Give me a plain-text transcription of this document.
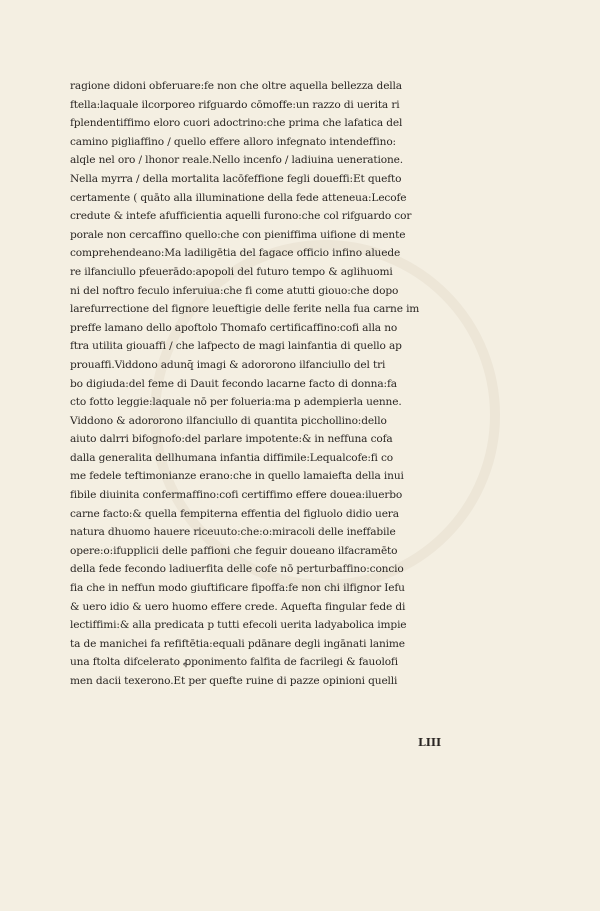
ragione didoni obferuare:fe non che oltre aquella bellezza della
ftella:laquale ilcorporeo rifguardo cōmoffe:un razzo di uerita ri
fplendentiffimo eloro cuori adoctrino:che prima che lafatica del
camino pigliaffino / quello effere alloro infegnato intendeffino:
alqle nel oro / lhonor reale.Nello incenfo / ladiuina ueneratione.
Nella myrra / della mortalita lacōfeffione fegli doueffi:Et quefto
certamente ( quāto alla illuminatione della fede atteneua:Lecofe
credute & intefe afufficientia aquelli furono:che col rifguardo cor
porale non cercaffino quello:che con pieniffima uifione di mente
comprehendeano:Ma ladiligētia del fagace officio infino aluede
re ilfanciullo pfeuerādo:apopoli del futuro tempo & aglihuomi
ni del noftro feculo inferuiua:che fi come atutti giouo:che dopo
larefurrectione del fignore leueftigie delle ferite nella fua carne im
preffe lamano dello apoftolo Thomafo certificaffino:cofi alla no
ftra utilita giouaffi / che lafpecto de magi lainfantia di quello ap
prouaffi.Viddono adunq̄ imagi & adororono ilfanciullo del tri
bo digiuda:del feme di Dauit fecondo lacarne facto di donna:fa
cto fotto leggie:laquale nō per folueria:ma p adempierla uenne.
Viddono & adororono ilfanciullo di quantita picchollino:dello
aiuto dalrri bifognofo:del parlare impotente:& in neffuna cofa
dalla generalita dellhumana infantia diffimile:Lequalcofe:fi co
me fedele teftimonianze erano:che in quello lamaiefta della inui
fibile diuinita confermaffino:cofi certiffimo effere douea:iluerbo
carne facto:& quella fempiterna effentia del figluolo didio uera
natura dhuomo hauere riceuuto:che:o:miracoli delle ineffabile
opere:o:ifupplicii delle paffioni che feguir doueano ilfacramēto
della fede fecondo ladiuerfita delle cofe nō perturbaffino:concio
fia che in neffun modo giuftificare fipoffa:fe non chi ilfignor Iefu
& uero idio & uero huomo effere crede. Aquefta fingular fede di
lectiffimi:& alla predicata p tutti efecoli uerita ladyabolica impie
ta de manichei fa refiftētia:equali pdānare degli ingānati lanime
una ftolta difcelerato ꝓponimento falfita de facrilegi & fauolofi
men dacii texerono.Et per quefte ruine di pazze opinioni quelli
LIII
